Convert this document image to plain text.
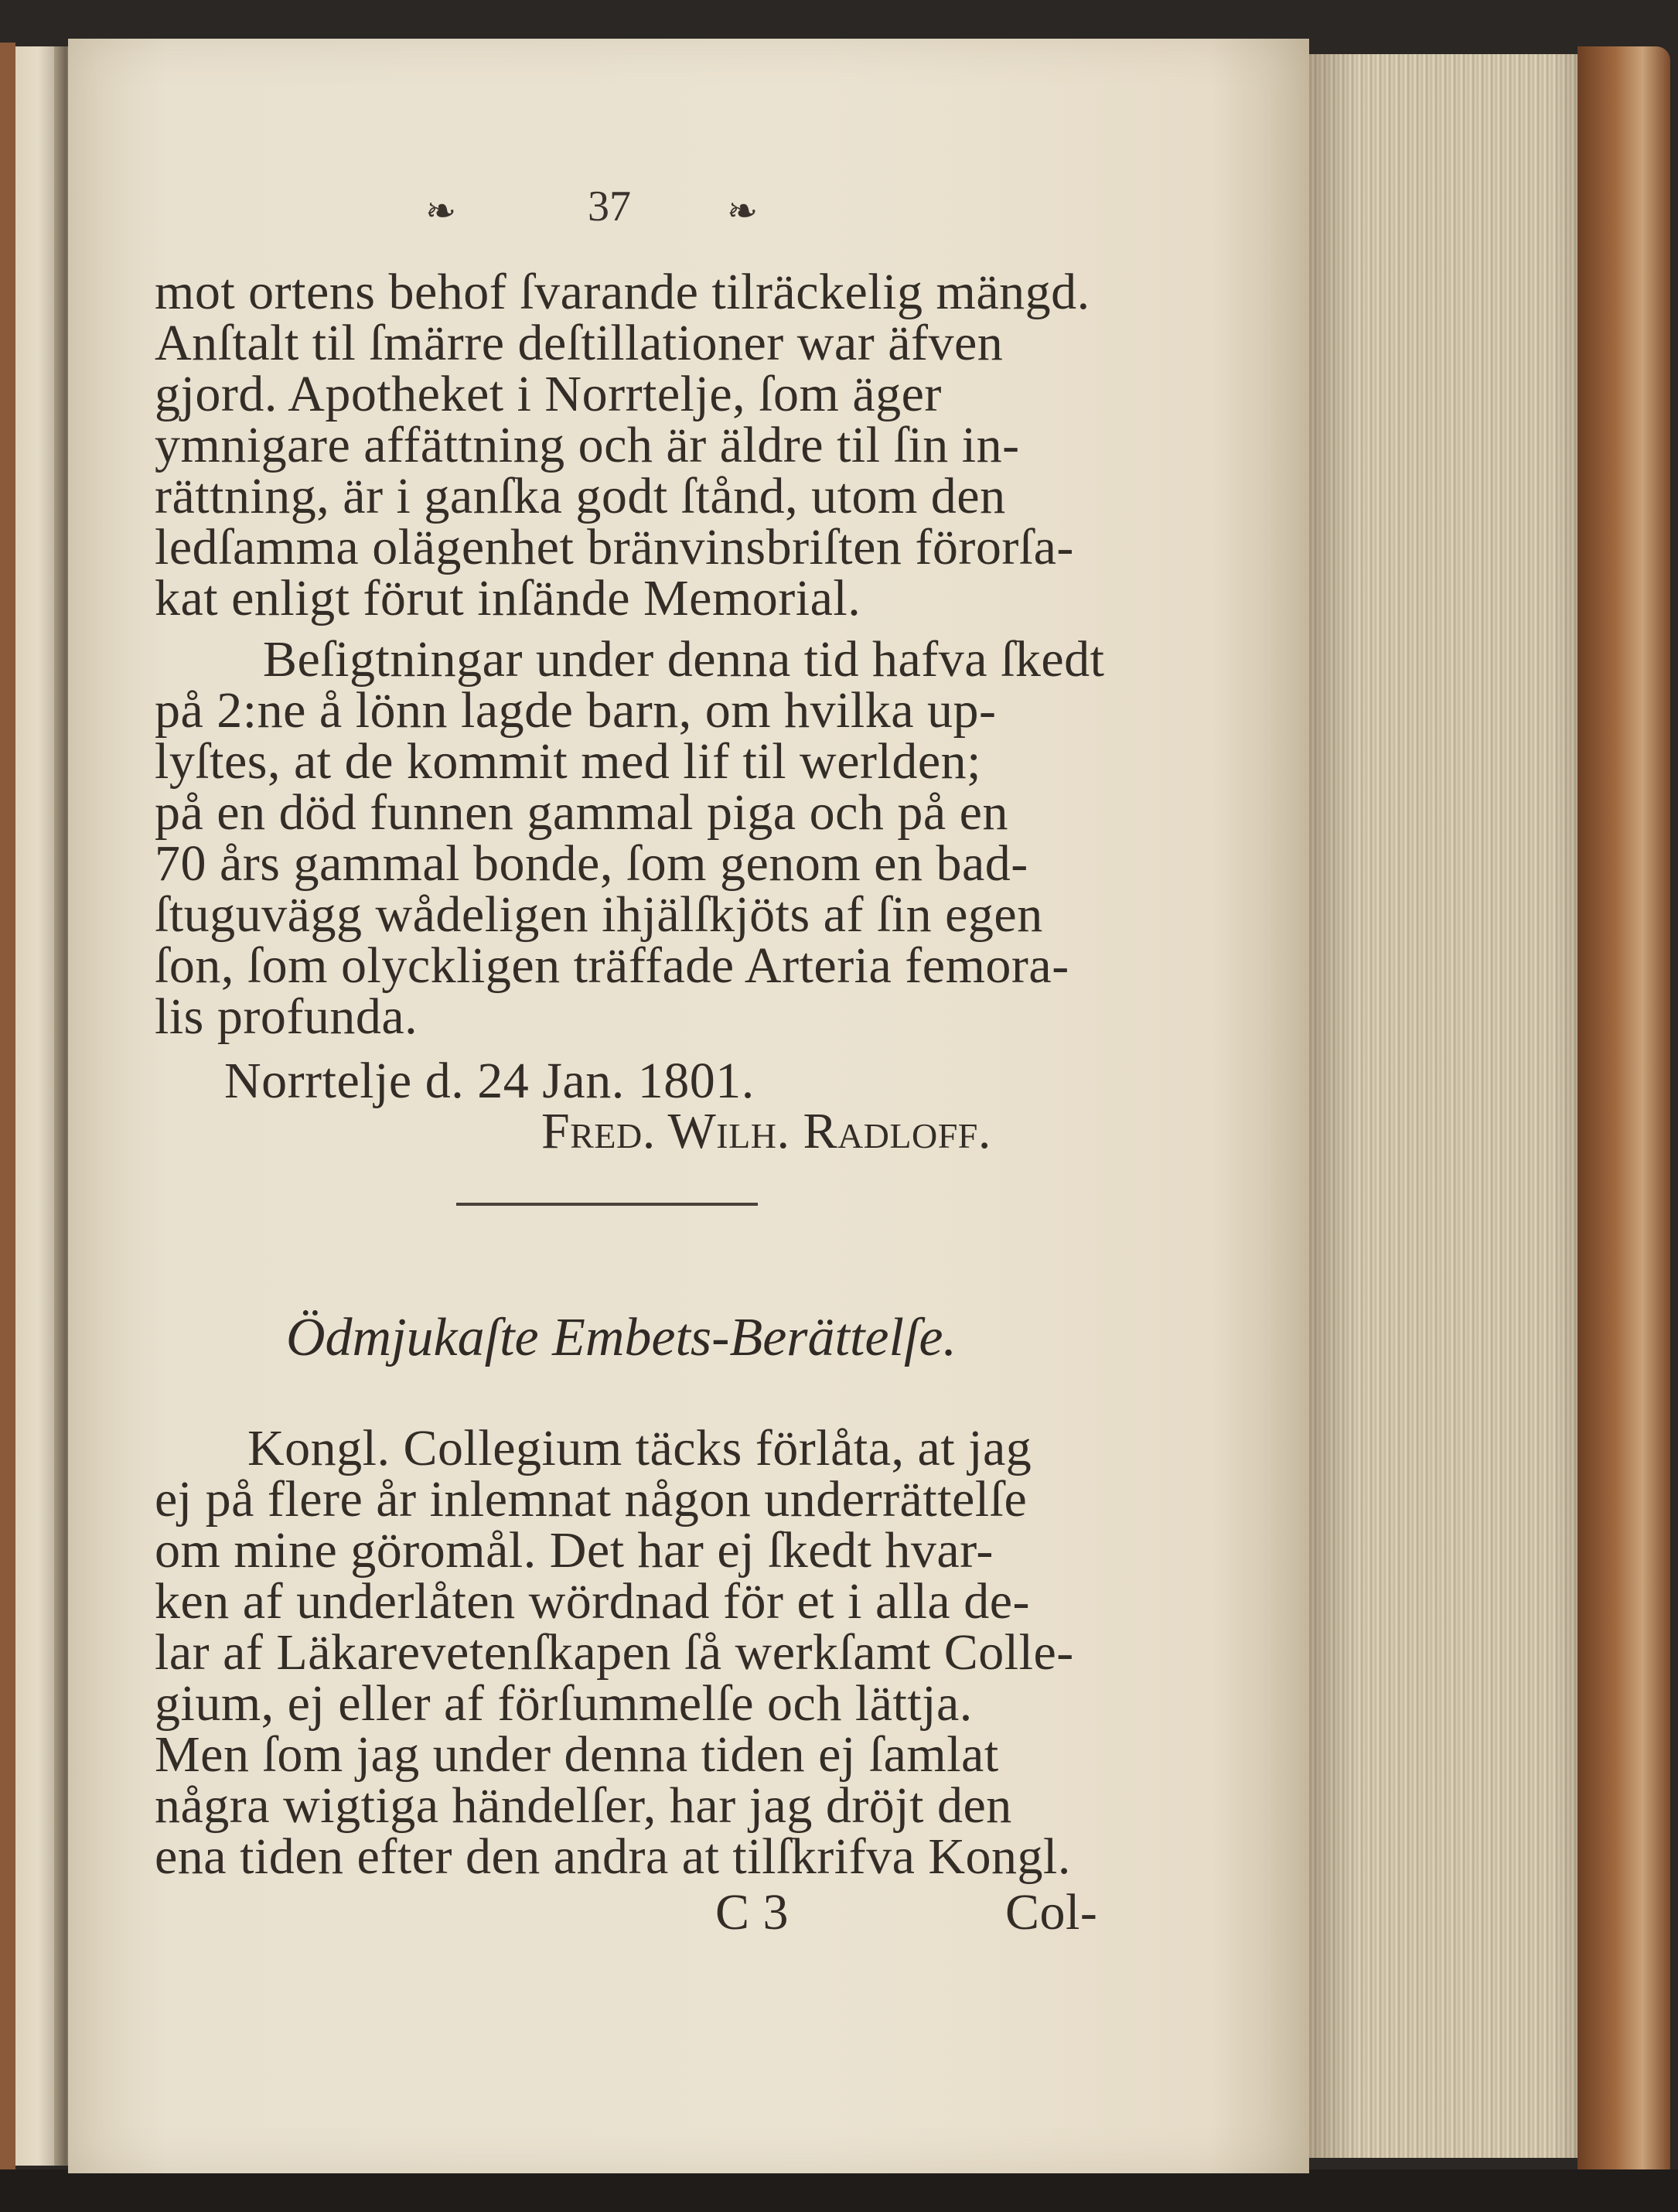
❧	37	❧
mot ortens behof ſvarande tilräckelig mängd.
Anſtalt til ſmärre deſtillationer war äfven
gjord. Apotheket i Norrtelje, ſom äger
ymnigare affättning och är äldre til ſin in-
rättning, är i ganſka godt ſtånd, utom den
ledſamma olägenhet bränvinsbriſten förorſa-
kat enligt förut inſände Memorial.
Beſigtningar under denna tid hafva ſkedt
på 2:ne å lönn lagde barn, om hvilka up-
lyſtes, at de kommit med lif til werlden;
på en död funnen gammal piga och på en
70 års gammal bonde, ſom genom en bad-
ſtuguvägg wådeligen ihjälſkjöts af ſin egen
ſon, ſom olyckligen träffade Arteria femora-
lis profunda.
Norrtelje d. 24 Jan. 1801.
Fred. Wilh. Radloff.
Ödmjukaſte Embets-Berättelſe.
Kongl. Collegium täcks förlåta, at jag
ej på flere år inlemnat någon underrättelſe
om mine göromål. Det har ej ſkedt hvar-
ken af underlåten wördnad för et i alla de-
lar af Läkarevetenſkapen ſå werkſamt Colle-
gium, ej eller af förſummelſe och lättja.
Men ſom jag under denna tiden ej ſamlat
några wigtiga händelſer, har jag dröjt den
ena tiden efter den andra at tilſkrifva Kongl.
C 3	Col-
